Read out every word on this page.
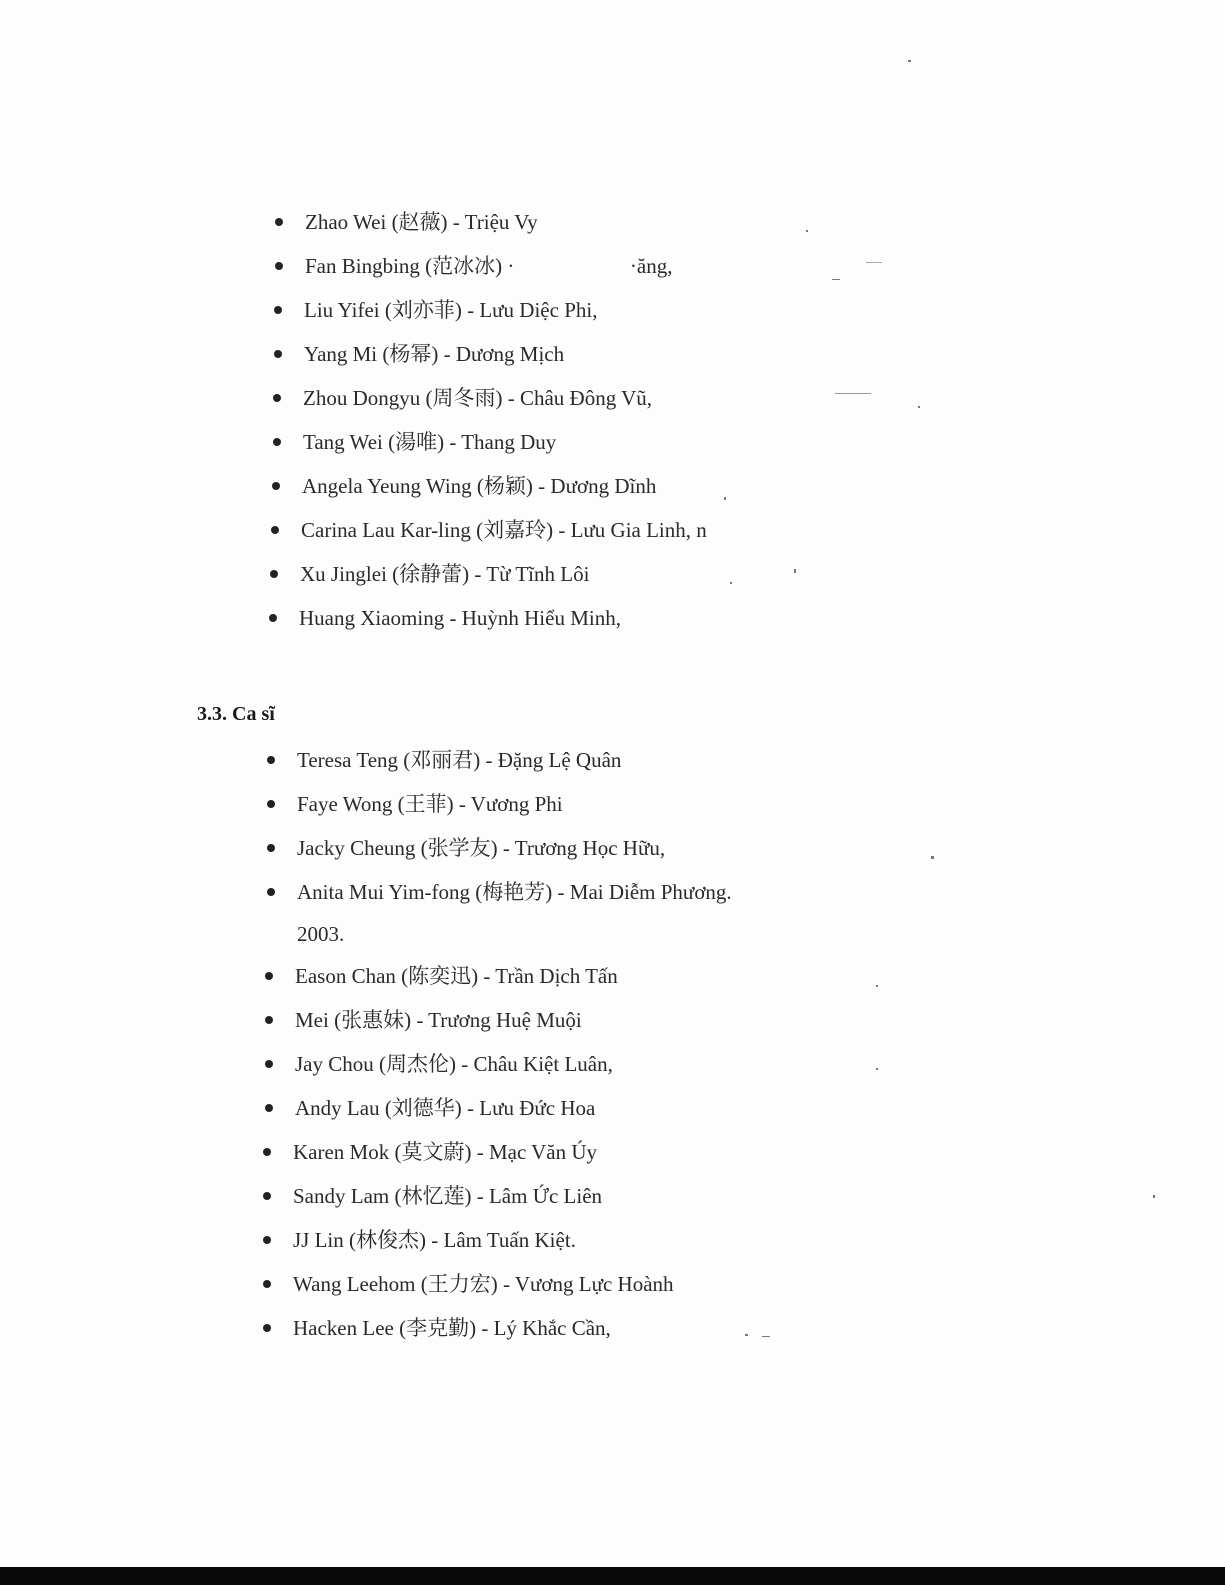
Zhao Wei (赵薇) - Triệu Vy
Fan Bingbing (范冰冰) ·                      ·ăng,
Liu Yifei (刘亦菲) - Lưu Diệc Phi,
Yang Mi (杨幂) - Dương Mịch
Zhou Dongyu (周冬雨) - Châu Đông Vũ,
Tang Wei (湯唯) - Thang Duy
Angela Yeung Wing (杨颖) - Dương Dĩnh
Carina Lau Kar-ling (刘嘉玲) - Lưu Gia Linh, n
Xu Jinglei (徐静蕾) - Từ Tĩnh Lôi
Huang Xiaoming - Huỳnh Hiểu Minh,
3.3. Ca sĩ
Teresa Teng (邓丽君) - Đặng Lệ Quân
Faye Wong (王菲) - Vương Phi
Jacky Cheung (张学友) - Trương Học Hữu,
Anita Mui Yim-fong (梅艳芳) - Mai Diễm Phương.
2003.
Eason Chan (陈奕迅) - Trần Dịch Tấn
Mei (张惠妹) - Trương Huệ Muội
Jay Chou (周杰伦) - Châu Kiệt Luân,
Andy Lau (刘德华) - Lưu Đức Hoa
Karen Mok (莫文蔚) - Mạc Văn Úy
Sandy Lam (林忆莲) - Lâm Ức Liên
JJ Lin (林俊杰) - Lâm Tuấn Kiệt.
Wang Leehom (王力宏) - Vương Lực Hoành
Hacken Lee (李克勤) - Lý Khắc Cần,
